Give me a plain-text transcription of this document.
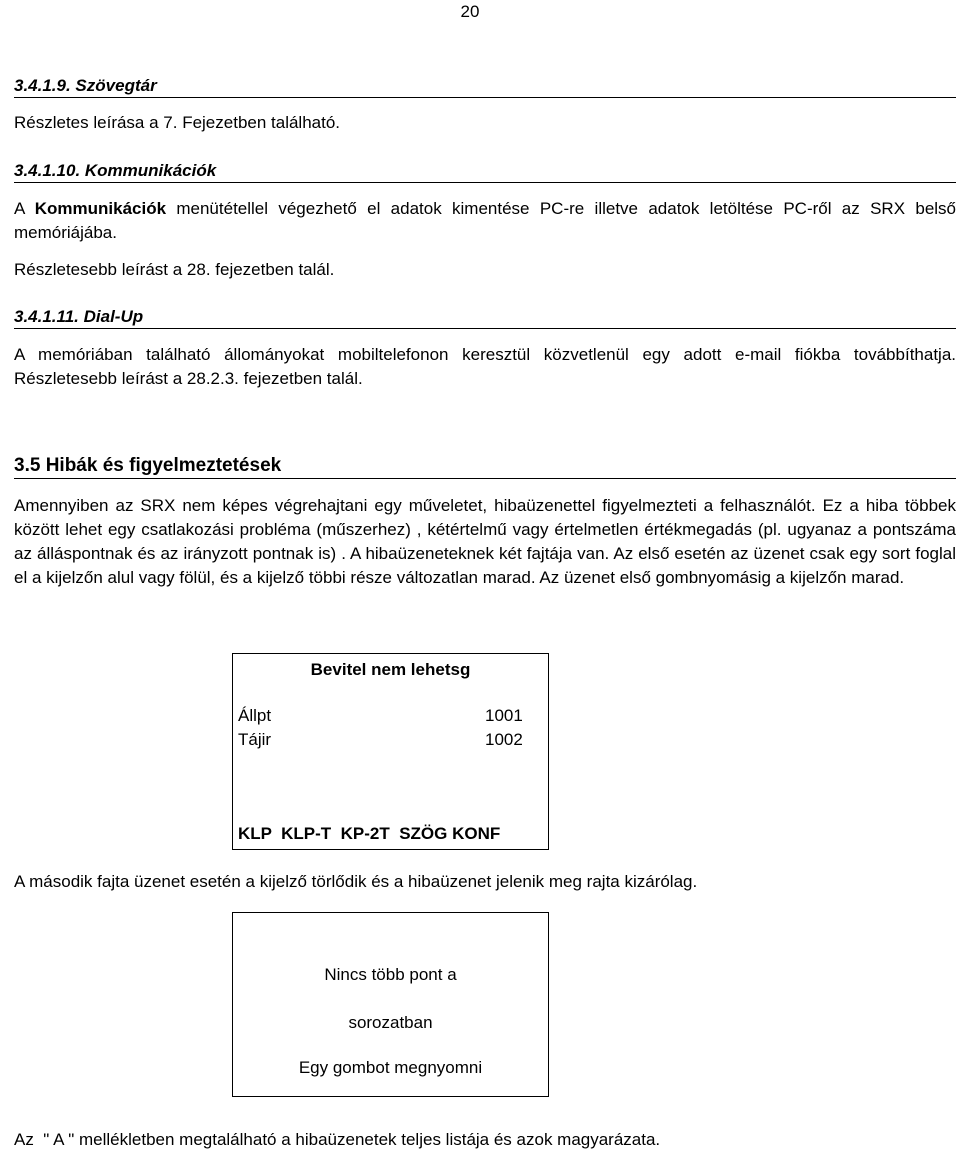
20
3.4.1.9. Szövegtár
Részletes leírása a 7. Fejezetben található.
3.4.1.10. Kommunikációk
A Kommunikációk menütétellel végezhető el adatok kimentése PC-re illetve adatok letöltése PC-ről az SRX belső memóriájába.
Részletesebb leírást a 28. fejezetben talál.
3.4.1.11. Dial-Up
A memóriában található állományokat mobiltelefonon keresztül közvetlenül egy adott e-mail fiókba továbbíthatja. Részletesebb leírást a 28.2.3. fejezetben talál.
3.5 Hibák és figyelmeztetések
Amennyiben az SRX nem képes végrehajtani egy műveletet, hibaüzenettel figyelmezteti a felhasználót. Ez a hiba többek között lehet egy csatlakozási probléma (műszerhez) , kétértelmű vagy értelmetlen értékmegadás (pl. ugyanaz a pontszáma az álláspontnak és az irányzott pontnak is) . A hibaüzeneteknek két fajtája van. Az első esetén az üzenet csak egy sort foglal el a kijelzőn alul vagy fölül, és a kijelző többi része változatlan marad. Az üzenet első gombnyomásig a kijelzőn marad.
Bevitel nem lehetsg
Állpt	1001
Tájir	1002
KLP  KLP-T  KP-2T  SZÖG KONF
A második fajta üzenet esetén a kijelző törlődik és a hibaüzenet jelenik meg rajta kizárólag.
Nincs több pont a
sorozatban
Egy gombot megnyomni
Az  " A " mellékletben megtalálható a hibaüzenetek teljes listája és azok magyarázata.
